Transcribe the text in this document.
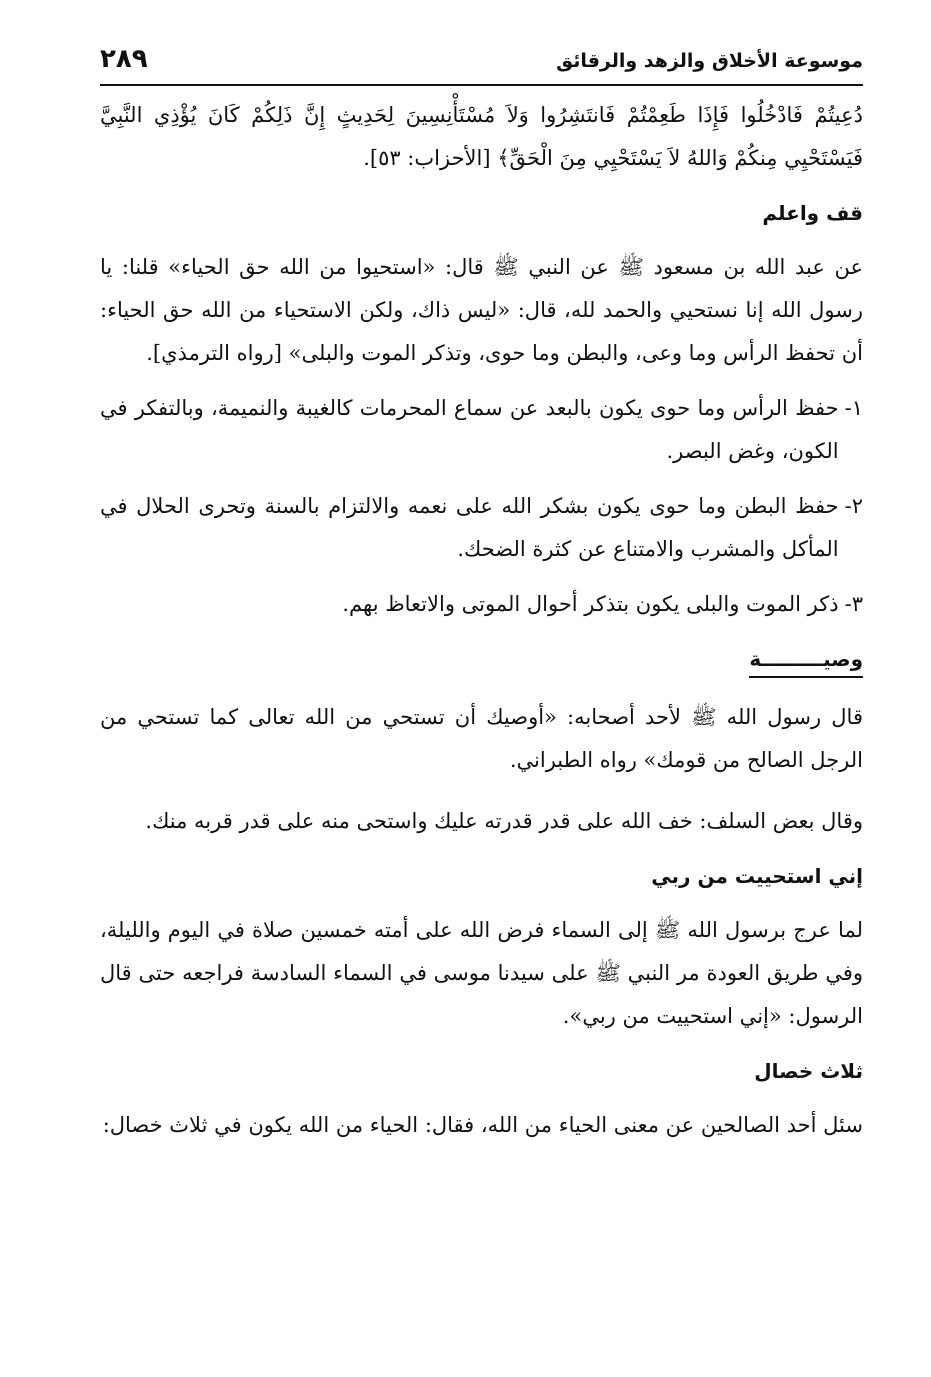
موسوعة الأخلاق والزهد والرقائق
٢٨٩

دُعِيتُمْ فَادْخُلُوا فَإِذَا طَعِمْتُمْ فَانتَشِرُوا وَلاَ مُسْتَأْنِسِينَ لِحَدِيثٍ إِنَّ ذَلِكُمْ كَانَ يُؤْذِي النَّبِيَّ فَيَسْتَحْيِي مِنكُمْ وَاللهُ لاَ يَسْتَحْيِي مِنَ الْحَقِّ﴾ [الأحزاب: ٥٣].

قف واعلم

عن عبد الله بن مسعود ﷺ عن النبي ﷺ قال: «استحيوا من الله حق الحياء» قلنا: يا رسول الله إنا نستحيي والحمد لله، قال: «ليس ذاك، ولكن الاستحياء من الله حق الحياء: أن تحفظ الرأس وما وعى، والبطن وما حوى، وتذكر الموت والبلى» [رواه الترمذي].

١-
حفظ الرأس وما حوى يكون بالبعد عن سماع المحرمات كالغيبة والنميمة، وبالتفكر في الكون، وغض البصر.
٢-
حفظ البطن وما حوى يكون بشكر الله على نعمه والالتزام بالسنة وتحرى الحلال في المأكل والمشرب والامتناع عن كثرة الضحك.
٣-
ذكر الموت والبلى يكون بتذكر أحوال الموتى والاتعاظ بهم.
وصيـــــــــة

قال رسول الله ﷺ لأحد أصحابه: «أوصيك أن تستحي من الله تعالى كما تستحي من الرجل الصالح من قومك» رواه الطبراني.

وقال بعض السلف: خف الله على قدر قدرته عليك واستحى منه على قدر قربه منك.

إني استحييت من ربي

لما عرج برسول الله ﷺ إلى السماء فرض الله على أمته خمسين صلاة في اليوم والليلة، وفي طريق العودة مر النبي ﷺ على سيدنا موسى في السماء السادسة فراجعه حتى قال الرسول: «إني استحييت من ربي».

ثلاث خصال

سئل أحد الصالحين عن معنى الحياء من الله، فقال: الحياء من الله يكون في ثلاث خصال:
